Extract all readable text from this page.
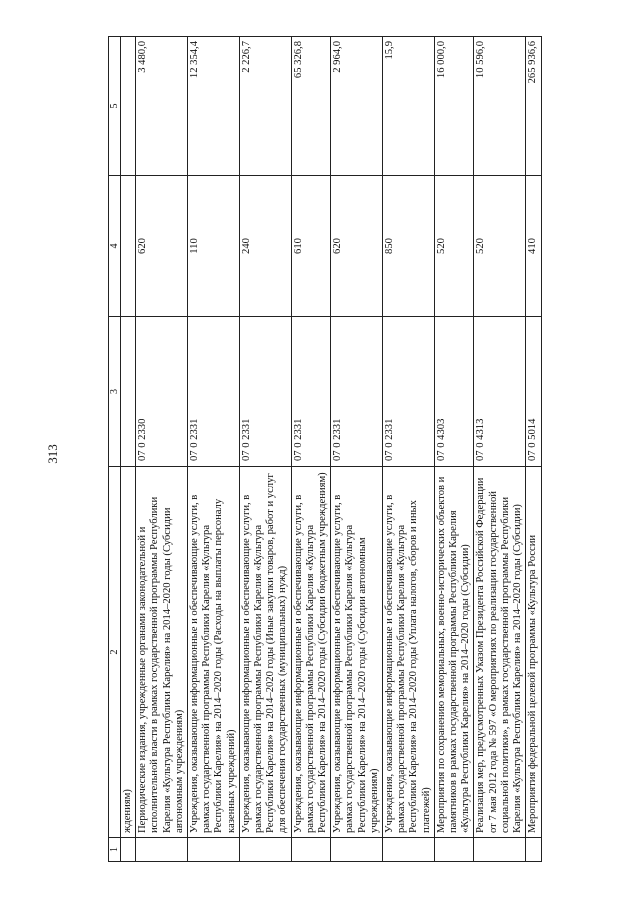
313
1	2	3	4	5
	ждениям)			
	Периодические издания, учрежденные органами законодательной и исполнительной власти в рамках государственной программы Республики Карелия «Культура Республики Карелия» на 2014–2020 годы (Субсидии автономным учреждениям)	07 0 2330	620	3 480,0
	Учреждения, оказывающие информационные и обеспечивающие услуги, в рамках государственной программы Республики Карелия «Культура Республики Карелия» на 2014–2020 годы (Расходы на выплаты персоналу казенных учреждений)	07 0 2331	110	12 354,4
	Учреждения, оказывающие информационные и обеспечивающие услуги, в рамках государственной программы Республики Карелия «Культура Республики Карелия» на 2014–2020 годы (Иные закупки товаров, работ и услуг для обеспечения государственных (муниципальных) нужд)	07 0 2331	240	2 226,7
	Учреждения, оказывающие информационные и обеспечивающие услуги, в рамках государственной программы Республики Карелия «Культура Республики Карелия» на 2014–2020 годы (Субсидии бюджетным учреждениям)	07 0 2331	610	65 326,8
	Учреждения, оказывающие информационные и обеспечивающие услуги, в рамках государственной программы Республики Карелия «Культура Республики Карелия» на 2014–2020 годы (Субсидии автономным учреждениям)	07 0 2331	620	2 964,0
	Учреждения, оказывающие информационные и обеспечивающие услуги, в рамках государственной программы Республики Карелия «Культура Республики Карелия» на 2014–2020 годы (Уплата налогов, сборов и иных платежей)	07 0 2331	850	15,9
	Мероприятия по сохранению мемориальных, военно-исторических объектов и памятников в рамках государственной программы Республики Карелия «Культура Республики Карелия» на 2014–2020 годы (Субсидии)	07 0 4303	520	16 000,0
	Реализация мер, предусмотренных Указом Президента Российской Федерации от 7 мая 2012 года № 597 «О мероприятиях по реализации государственной социальной политики», в рамках государственной программы Республики Карелия «Культура Республики Карелия» на 2014–2020 годы (Субсидии)	07 0 4313	520	10 596,0
	Мероприятия федеральной целевой программы «Культура России	07 0 5014	410	265 936,6
